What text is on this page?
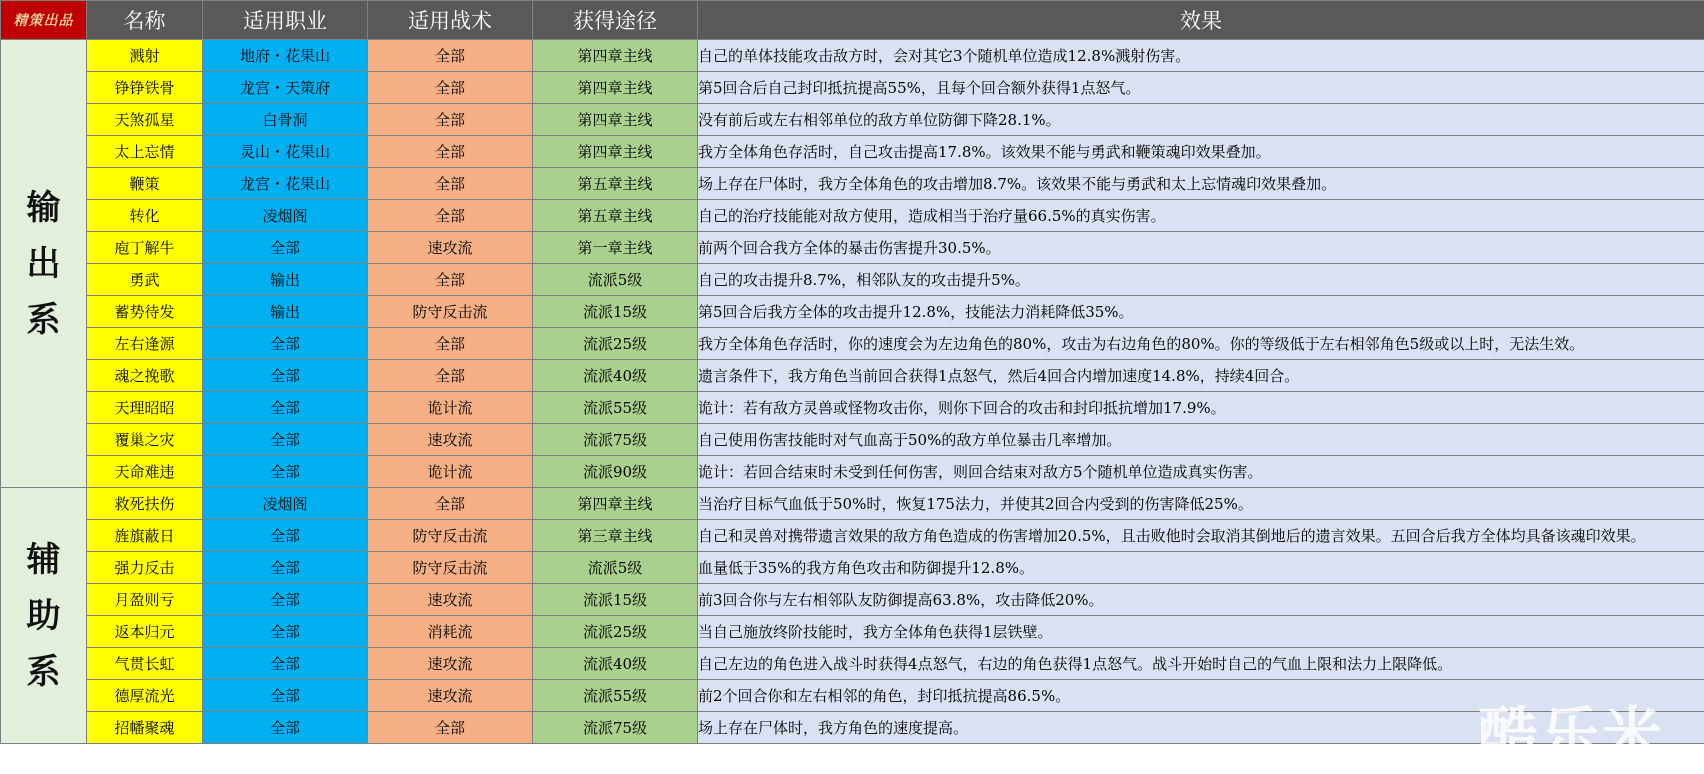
精策出品	名称	适用职业	适用战术	获得途径	效果
输出系	溅射	地府・花果山	全部	第四章主线	自己的单体技能攻击敌方时，会对其它3个随机单位造成12.8%溅射伤害。
	铮铮铁骨	龙宫・天策府	全部	第四章主线	第5回合后自己封印抵抗提高55%，且每个回合额外获得1点怒气。
	天煞孤星	白骨洞	全部	第四章主线	没有前后或左右相邻单位的敌方单位防御下降28.1%。
	太上忘情	灵山・花果山	全部	第四章主线	我方全体角色存活时，自己攻击提高17.8%。该效果不能与勇武和鞭策魂印效果叠加。
	鞭策	龙宫・花果山	全部	第五章主线	场上存在尸体时，我方全体角色的攻击增加8.7%。该效果不能与勇武和太上忘情魂印效果叠加。
	转化	凌烟阁	全部	第五章主线	自己的治疗技能能对敌方使用，造成相当于治疗量66.5%的真实伤害。
	庖丁解牛	全部	速攻流	第一章主线	前两个回合我方全体的暴击伤害提升30.5%。
	勇武	输出	全部	流派5级	自己的攻击提升8.7%，相邻队友的攻击提升5%。
	蓄势待发	输出	防守反击流	流派15级	第5回合后我方全体的攻击提升12.8%，技能法力消耗降低35%。
	左右逢源	全部	全部	流派25级	我方全体角色存活时，你的速度会为左边角色的80%，攻击为右边角色的80%。你的等级低于左右相邻角色5级或以上时，无法生效。
	魂之挽歌	全部	全部	流派40级	遗言条件下，我方角色当前回合获得1点怒气，然后4回合内增加速度14.8%，持续4回合。
	天理昭昭	全部	诡计流	流派55级	诡计：若有敌方灵兽或怪物攻击你，则你下回合的攻击和封印抵抗增加17.9%。
	覆巢之灾	全部	速攻流	流派75级	自己使用伤害技能时对气血高于50%的敌方单位暴击几率增加。
	天命难违	全部	诡计流	流派90级	诡计：若回合结束时未受到任何伤害，则回合结束对敌方5个随机单位造成真实伤害。
辅助系	救死扶伤	凌烟阁	全部	第四章主线	当治疗目标气血低于50%时，恢复175法力，并使其2回合内受到的伤害降低25%。
	旌旗蔽日	全部	防守反击流	第三章主线	自己和灵兽对携带遗言效果的敌方角色造成的伤害增加20.5%，且击败他时会取消其倒地后的遗言效果。五回合后我方全体均具备该魂印效果。
	强力反击	全部	防守反击流	流派5级	血量低于35%的我方角色攻击和防御提升12.8%。
	月盈则亏	全部	速攻流	流派15级	前3回合你与左右相邻队友防御提高63.8%，攻击降低20%。
	返本归元	全部	消耗流	流派25级	当自己施放终阶技能时，我方全体角色获得1层铁壁。
	气贯长虹	全部	速攻流	流派40级	自己左边的角色进入战斗时获得4点怒气，右边的角色获得1点怒气。战斗开始时自己的气血上限和法力上限降低。
	德厚流光	全部	速攻流	流派55级	前2个回合你和左右相邻的角色，封印抵抗提高86.5%。
	招幡聚魂	全部	全部	流派75级	场上存在尸体时，我方角色的速度提高。	酷乐米
